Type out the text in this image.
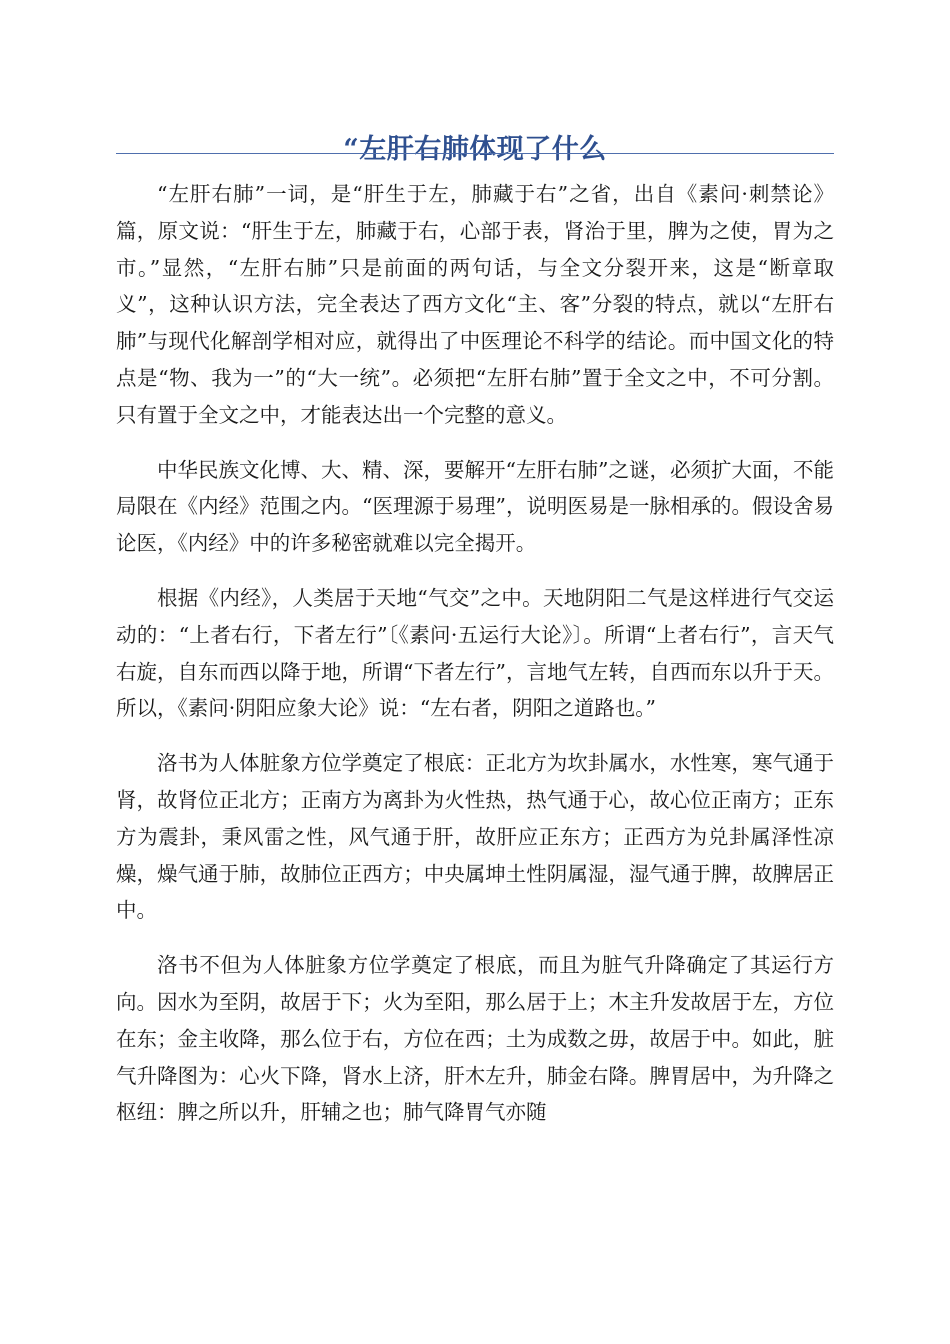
“左肝右肺体现了什么

“左肝右肺”一词，是“肝生于左，肺藏于右”之省，出自《素问·刺禁论》篇，原文说：“肝生于左，肺藏于右，心部于表，肾治于里，脾为之使，胃为之市。”显然，“左肝右肺”只是前面的两句话，与全文分裂开来，这是“断章取义”，这种认识方法，完全表达了西方文化“主、客”分裂的特点，就以“左肝右肺”与现代化解剖学相对应，就得出了中医理论不科学的结论。而中国文化的特点是“物、我为一”的“大一统”。必须把“左肝右肺”置于全文之中，不可分割。只有置于全文之中，才能表达出一个完整的意义。

中华民族文化博、大、精、深，要解开“左肝右肺”之谜，必须扩大面，不能局限在《内经》范围之内。“医理源于易理”，说明医易是一脉相承的。假设舍易论医，《内经》中的许多秘密就难以完全揭开。

根据《内经》，人类居于天地“气交”之中。天地阴阳二气是这样进行气交运动的：“上者右行，下者左行”〔《素问·五运行大论》〕。所谓“上者右行”，言天气右旋，自东而西以降于地，所谓“下者左行”，言地气左转，自西而东以升于天。所以，《素问·阴阳应象大论》说：“左右者，阴阳之道路也。”

洛书为人体脏象方位学奠定了根底：正北方为坎卦属水，水性寒，寒气通于肾，故肾位正北方；正南方为离卦为火性热，热气通于心，故心位正南方；正东方为震卦，秉风雷之性，风气通于肝，故肝应正东方；正西方为兑卦属泽性凉燥，燥气通于肺，故肺位正西方；中央属坤土性阴属湿，湿气通于脾，故脾居正中。

洛书不但为人体脏象方位学奠定了根底，而且为脏气升降确定了其运行方向。因水为至阴，故居于下；火为至阳，那么居于上；木主升发故居于左，方位在东；金主收降，那么位于右，方位在西；土为成数之毋，故居于中。如此，脏气升降图为：心火下降，肾水上济，肝木左升，肺金右降。脾胃居中，为升降之枢纽：脾之所以升，肝辅之也；肺气降胃气亦随
